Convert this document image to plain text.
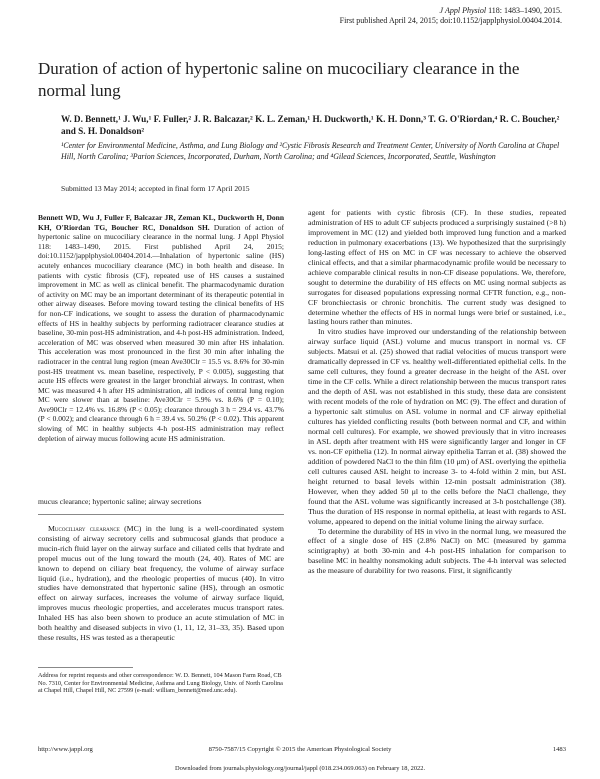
J Appl Physiol 118: 1483–1490, 2015.
First published April 24, 2015; doi:10.1152/japplphysiol.00404.2014.
Duration of action of hypertonic saline on mucociliary clearance in the normal lung
W. D. Bennett,¹ J. Wu,¹ F. Fuller,² J. R. Balcazar,² K. L. Zeman,¹ H. Duckworth,¹ K. H. Donn,³ T. G. O'Riordan,⁴ R. C. Boucher,² and S. H. Donaldson²
¹Center for Environmental Medicine, Asthma, and Lung Biology and ²Cystic Fibrosis Research and Treatment Center, University of North Carolina at Chapel Hill, North Carolina; ³Parion Sciences, Incorporated, Durham, North Carolina; and ⁴Gilead Sciences, Incorporated, Seattle, Washington
Submitted 13 May 2014; accepted in final form 17 April 2015
Bennett WD, Wu J, Fuller F, Balcazar JR, Zeman KL, Duckworth H, Donn KH, O'Riordan TG, Boucher RC, Donaldson SH. Duration of action of hypertonic saline on mucociliary clearance in the normal lung. J Appl Physiol 118: 1483–1490, 2015. First published April 24, 2015; doi:10.1152/japplphysiol.00404.2014.—Inhalation of hypertonic saline (HS) acutely enhances mucociliary clearance (MC) in both health and disease. In patients with cystic fibrosis (CF), repeated use of HS causes a sustained improvement in MC as well as clinical benefit. The pharmacodynamic duration of activity on MC may be an important determinant of its therapeutic potential in other airway diseases. Before moving toward testing the clinical benefits of HS for non-CF indications, we sought to assess the duration of pharmacodynamic effects of HS in healthy subjects by performing radiotracer clearance studies at baseline, 30-min post-HS administration, and 4-h post-HS administration. Indeed, acceleration of MC was observed when measured 30 min after HS inhalation. This acceleration was most pronounced in the first 30 min after inhaling the radiotracer in the central lung region (mean Ave30Clr = 15.5 vs. 8.6% for 30-min post-HS treatment vs. mean baseline, respectively, P < 0.005), suggesting that acute HS effects were greatest in the larger bronchial airways. In contrast, when MC was measured 4 h after HS administration, all indices of central lung region MC were slower than at baseline: Ave30Clr = 5.9% vs. 8.6% (P = 0.10); Ave90Clr = 12.4% vs. 16.8% (P < 0.05); clearance through 3 h = 29.4 vs. 43.7% (P < 0.002); and clearance through 6 h = 39.4 vs. 50.2% (P < 0.02). This apparent slowing of MC in healthy subjects 4-h post-HS administration may reflect depletion of airway mucus following acute HS administration.
mucus clearance; hypertonic saline; airway secretions

Mucociliary clearance (MC) in the lung is a well-coordinated system consisting of airway secretory cells and submucosal glands that produce a mucin-rich fluid layer on the airway surface and ciliated cells that hydrate and propel mucus out of the lung toward the mouth (24, 40). Rates of MC are known to depend on ciliary beat frequency, the volume of airway surface liquid (i.e., hydration), and the rheologic properties of mucus (40). In vitro studies have demonstrated that hypertonic saline (HS), through an osmotic effect on airway surfaces, increases the volume of airway surface liquid, improves mucus rheologic properties, and accelerates mucus transport rates. Inhaled HS has also been shown to produce an acute stimulation of MC in both healthy and diseased subjects in vivo (1, 11, 12, 31–33, 35). Based upon these results, HS was tested as a therapeutic

agent for patients with cystic fibrosis (CF). In these studies, repeated administration of HS to adult CF subjects produced a surprisingly sustained (>8 h) improvement in MC (12) and yielded both improved lung function and a marked reduction in pulmonary exacerbations (13). We hypothesized that the surprisingly long-lasting effect of HS on MC in CF was necessary to achieve the observed clinical effects, and that a similar pharmacodynamic profile would be necessary to achieve comparable clinical results in non-CF disease populations. We, therefore, sought to determine the durability of HS effects on MC using normal subjects as surrogates for diseased populations expressing normal CFTR function, e.g., non-CF bronchiectasis or chronic bronchitis. The current study was designed to determine whether the effects of HS in normal lungs were brief or sustained, i.e., lasting hours rather than minutes.

In vitro studies have improved our understanding of the relationship between airway surface liquid (ASL) volume and mucus transport in normal vs. CF subjects. Matsui et al. (25) showed that radial velocities of mucus transport were dramatically depressed in CF vs. healthy well-differentiated epithelial cells. In the same cell cultures, they found a greater decrease in the height of the ASL over time in the CF cells. While a direct relationship between the mucus transport rates and the depth of ASL was not established in this study, these data are consistent with recent models of the role of hydration on MC (9). The effect and duration of a hypertonic salt stimulus on ASL volume in normal and CF airway epithelial cultures has yielded conflicting results (both between normal and CF, and within normal cell cultures). For example, we showed previously that in vitro increases in ASL depth after treatment with HS were significantly larger and longer in CF vs. non-CF epithelia (12). In normal airway epithelia Tarran et al. (38) showed the addition of powdered NaCl to the thin film (10 μm) of ASL overlying the epithelia cell cultures caused ASL height to increase 3- to 4-fold within 2 min, but ASL height returned to basal levels within 12-min postsalt administration (38). However, when they added 50 μl to the cells before the NaCl challenge, they found that the ASL volume was significantly increased at 3-h postchallenge (38). Thus the duration of HS response in normal epithelia, at least with regards to ASL volume, appeared to depend on the initial volume lining the airway surface.

To determine the durability of HS in vivo in the normal lung, we measured the effect of a single dose of HS (2.8% NaCl) on MC (measured by gamma scintigraphy) at both 30-min and 4-h post-HS inhalation for comparison to baseline MC in healthy nonsmoking adult subjects. The 4-h interval was selected as the measure of durability for two reasons. First, it significantly

Address for reprint requests and other correspondence: W. D. Bennett, 104 Mason Farm Road, CB No. 7310, Center for Environmental Medicine, Asthma and Lung Biology, Univ. of North Carolina at Chapel Hill, Chapel Hill, NC 27599 (e-mail: william_bennett@med.unc.edu).
http://www.jappl.org	8750-7587/15 Copyright © 2015 the American Physiological Society	1483
Downloaded from journals.physiology.org/journal/jappl (018.234.069.063) on February 18, 2022.
